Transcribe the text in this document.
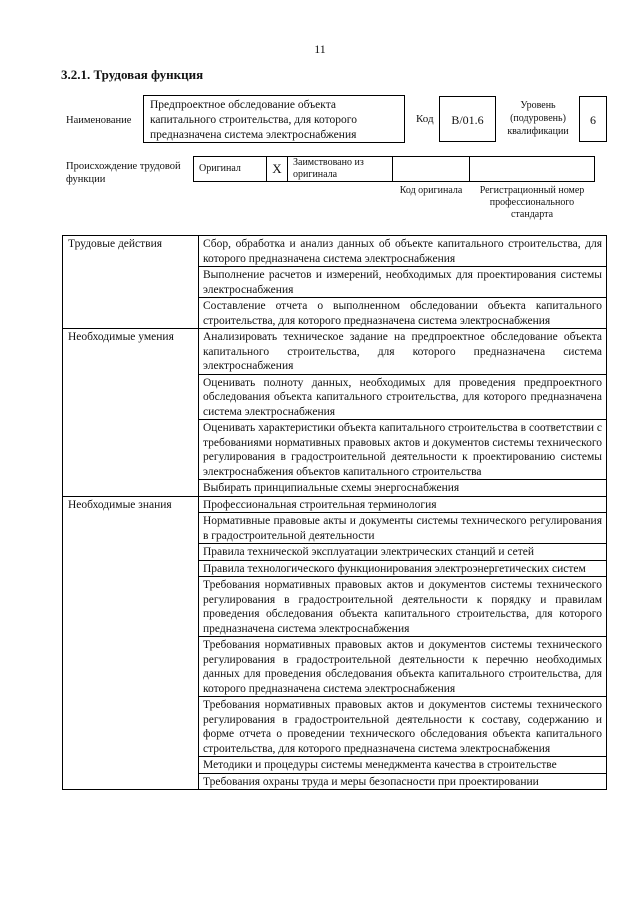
11
3.2.1. Трудовая функция
Наименование
Предпроектное обследование объекта капитального строительства, для которого предназначена система электроснабжения
Код	В/01.6
Уровень (подуровень) квалификации
6
Происхождение трудовой функции
Оригинал	X	Заимствовано из оригинала		
			Код оригинала	Регистрационный номер профессионального стандарта
Трудовые действия	Сбор, обработка и анализ данных об объекте капитального строительства, для которого предназначена система электроснабжения
	Выполнение расчетов и измерений, необходимых для проектирования системы электроснабжения
	Составление отчета о выполненном обследовании объекта капитального строительства, для которого предназначена система электроснабжения
Необходимые умения	Анализировать техническое задание на предпроектное обследование объекта капитального строительства, для которого предназначена система электроснабжения
	Оценивать полноту данных, необходимых для проведения предпроектного обследования объекта капитального строительства, для которого предназначена система электроснабжения
	Оценивать характеристики объекта капитального строительства в соответствии с требованиями нормативных правовых актов и документов системы технического регулирования в градостроительной деятельности к проектированию системы электроснабжения объектов капитального строительства
	Выбирать принципиальные схемы энергоснабжения
Необходимые знания	Профессиональная строительная терминология
	Нормативные правовые акты и документы системы технического регулирования в градостроительной деятельности
	Правила технической эксплуатации электрических станций и сетей
	Правила технологического функционирования электроэнергетических систем
	Требования нормативных правовых актов и документов системы технического регулирования в градостроительной деятельности к порядку и правилам проведения обследования объекта капитального строительства, для которого предназначена система электроснабжения
	Требования нормативных правовых актов и документов системы технического регулирования в градостроительной деятельности к перечню необходимых данных для проведения обследования объекта капитального строительства, для которого предназначена система электроснабжения
	Требования нормативных правовых актов и документов системы технического регулирования в градостроительной деятельности к составу, содержанию и форме отчета о проведении технического обследования объекта капитального строительства, для которого предназначена система электроснабжения
	Методики и процедуры системы менеджмента качества в строительстве
	Требования охраны труда и меры безопасности при проектировании
